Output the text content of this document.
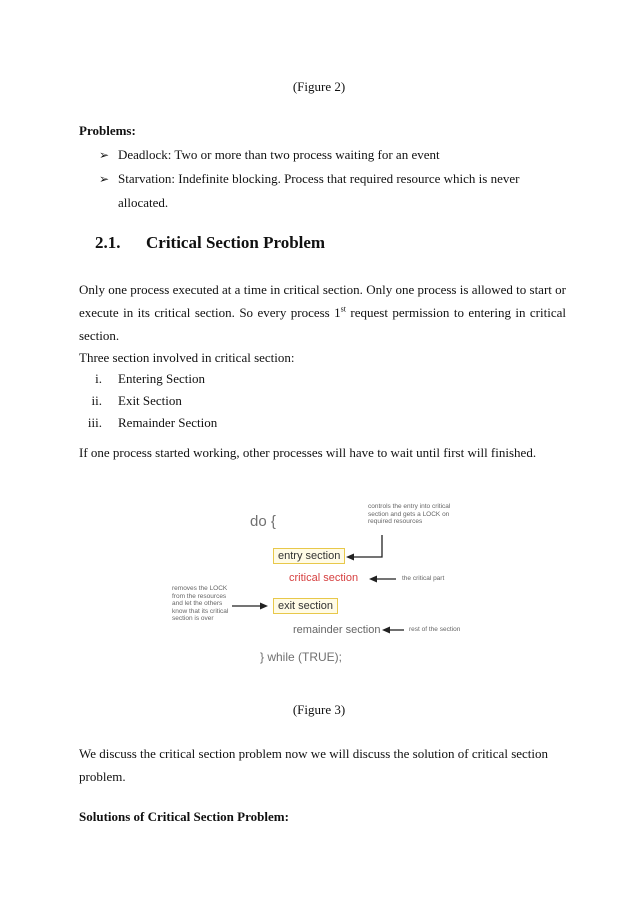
(Figure 2)
Problems:
➢ Deadlock: Two or more than two process waiting for an event
➢ Starvation: Indefinite blocking. Process that required resource which is never
allocated.
2.1. Critical Section Problem
Only one process executed at a time in critical section. Only one process is allowed to start or
execute in its critical section. So every process 1st request permission to entering in critical
section.
Three section involved in critical section:
i. Entering Section
ii. Exit Section
iii. Remainder Section
If one process started working, other processes will have to wait until first will finished.
do {
entry section
critical section
exit section
remainder section
} while (TRUE);
controls the entry into critical
section and gets a LOCK on
required resources
the critical part
removes the LOCK
from the resources
and let the others
know that its critical
section is over
rest of the section
(Figure 3)
We discuss the critical section problem now we will discuss the solution of critical section
problem.
Solutions of Critical Section Problem:
